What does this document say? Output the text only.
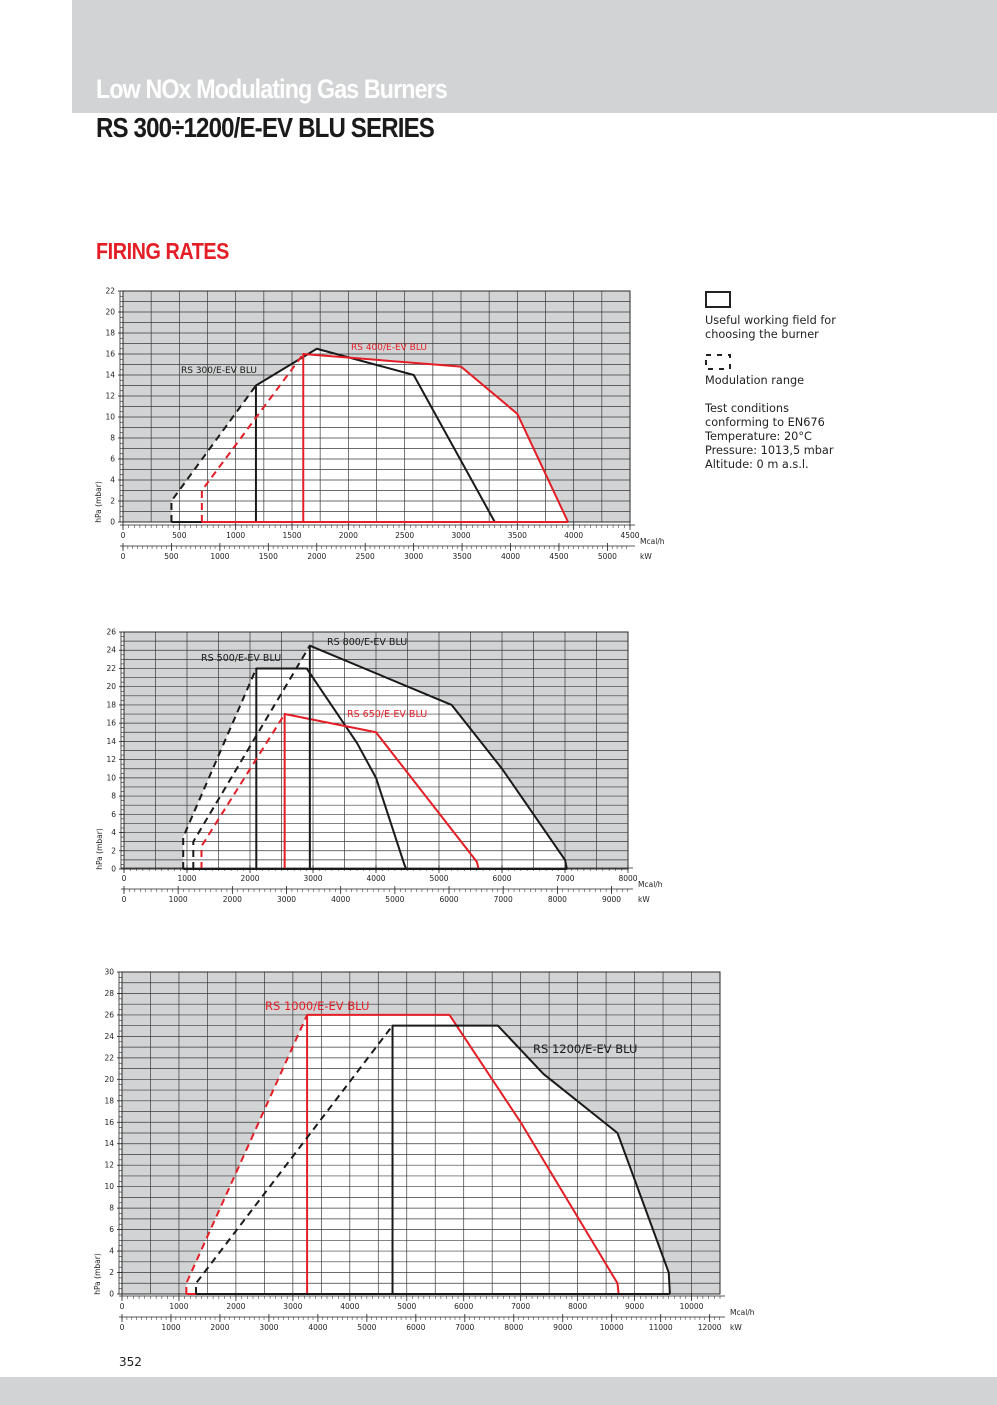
Low NOx Modulating Gas Burners
RS 300÷1200/E-EV BLU SERIES
FIRING RATES
0
2
4
6
8
10
12
14
16
18
20
22
hPa (mbar)
0	500	1000	1500	2000	2500	3000	3500	4000	4500
Mcal/h
0	500	1000	1500	2000	2500	3000	3500	4000	4500	5000	kW
RS 300/E-EV BLU
RS 400/E-EV BLU
0
2
4
6
8
10
12
14
16
18
20
22
24
26
hPa (mbar)
0	1000	2000	3000	4000	5000	6000	7000	8000
Mcal/h
0	1000	2000	3000	4000	5000	6000	7000	8000	9000 kW
RS 500/E-EV BLU
RS 650/E-EV BLU
RS 800/E-EV BLU
0
2
4
6
8
10
12
14
16
18
20
22
24
26
28
30
hPa (mbar)
0	1000	2000	3000	4000	5000	6000	7000	8000	9000	10000
Mcal/h
0	1000	2000	3000	4000	5000	6000	7000	8000	9000	10000	11000	12000 kW
RS 1000/E-EV BLU
RS 1200/E-EV BLU
Useful working field for choosing the burner
Modulation range
Test conditions conforming to EN676
Temperature: 20°C
Pressure: 1013,5 mbar
Altitude: 0 m a.s.l.
352
